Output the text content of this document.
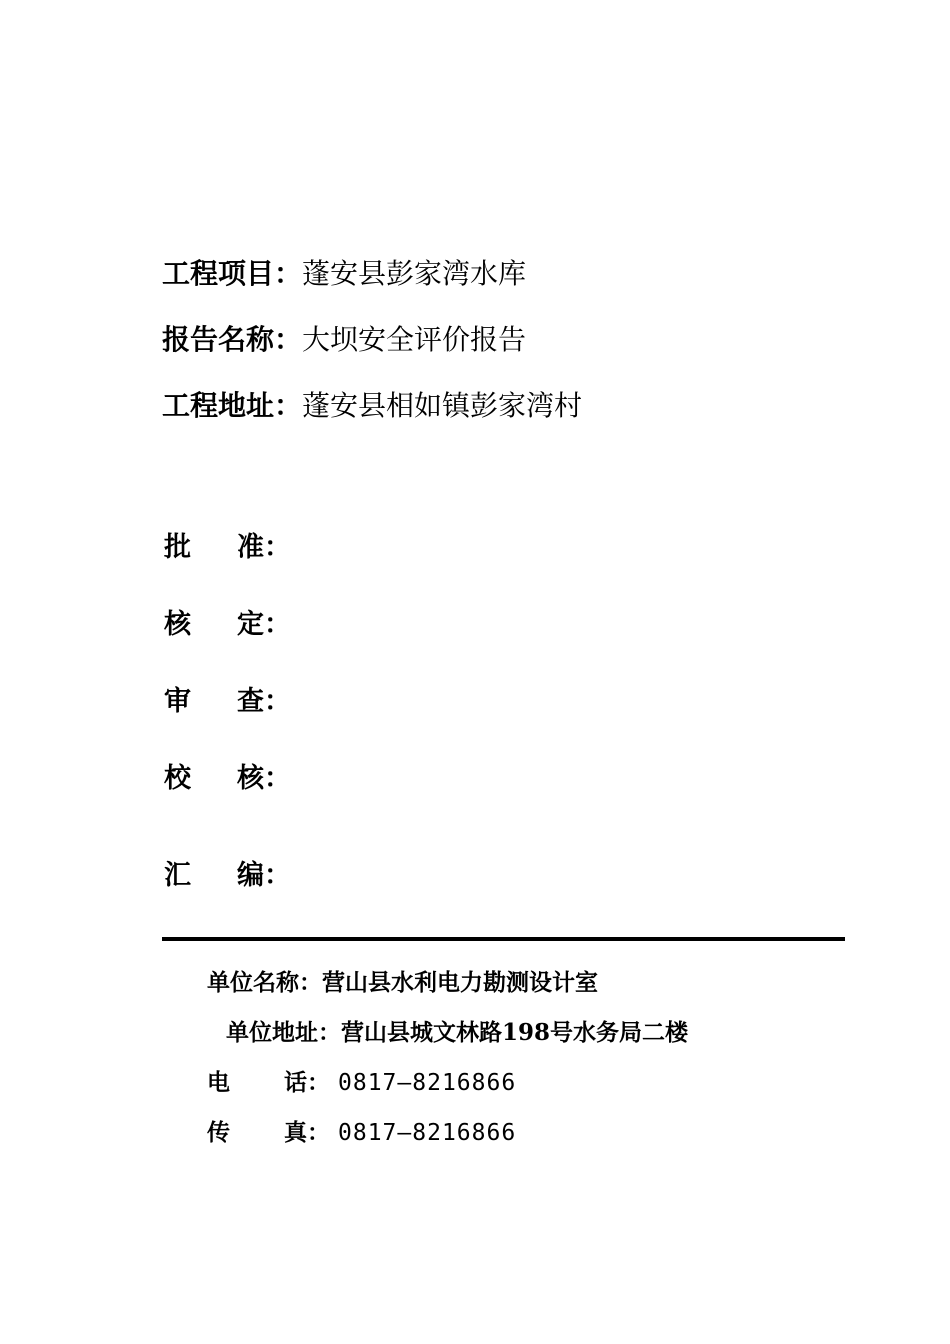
工程项目：蓬安县彭家湾水库
报告名称：大坝安全评价报告
工程地址：蓬安县相如镇彭家湾村
批 准：
核 定：
审 查：
校 核：
汇 编：
单位名称：营山县水利电力勘测设计室
单位地址：营山县城文林路198号水务局二楼
电 话： 0817—8216866
传 真： 0817—8216866
